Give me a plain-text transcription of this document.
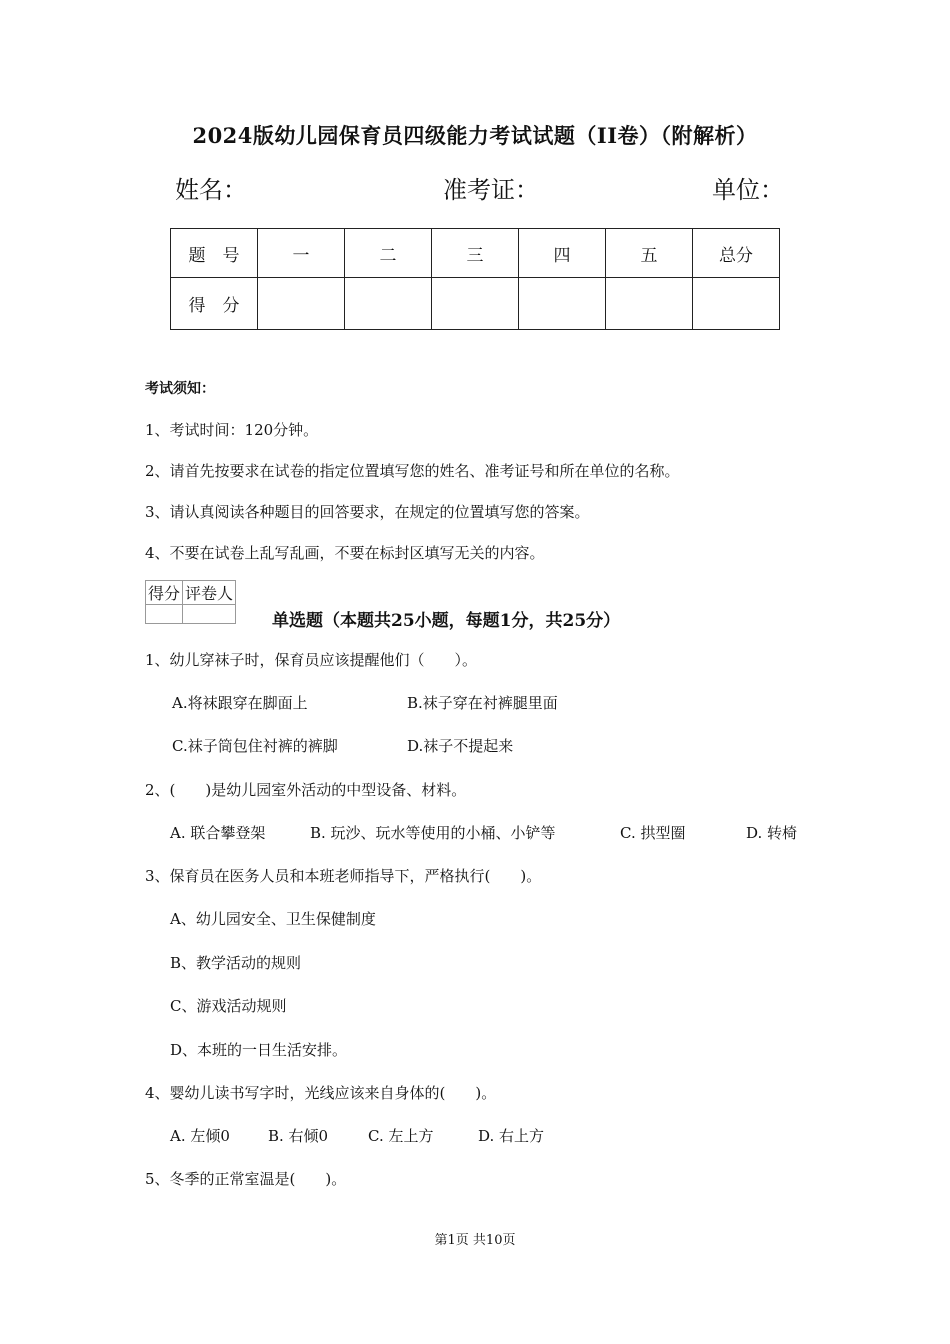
2024版幼儿园保育员四级能力考试试题（II卷）（附解析）
姓名：	准考证：	单位：
题　号	一	二	三	四	五	总分
得　分						
考试须知：
1、考试时间：120分钟。
2、请首先按要求在试卷的指定位置填写您的姓名、准考证号和所在单位的名称。
3、请认真阅读各种题目的回答要求，在规定的位置填写您的答案。
4、不要在试卷上乱写乱画，不要在标封区填写无关的内容。
得分	评卷人

单选题（本题共25小题，每题1分，共25分）
1、幼儿穿袜子时，保育员应该提醒他们（　　）。
A.将袜跟穿在脚面上	B.袜子穿在衬裤腿里面
C.袜子筒包住衬裤的裤脚	D.袜子不提起来
2、(　　)是幼儿园室外活动的中型设备、材料。
A. 联合攀登架	B. 玩沙、玩水等使用的小桶、小铲等	C. 拱型圈	D. 转椅
3、保育员在医务人员和本班老师指导下，严格执行(　　)。
A、幼儿园安全、卫生保健制度
B、教学活动的规则
C、游戏活动规则
D、本班的一日生活安排。
4、婴幼儿读书写字时，光线应该来自身体的(　　)。
A. 左倾0	B. 右倾0	C. 左上方	D. 右上方
5、冬季的正常室温是(　　)。
第1页 共10页
